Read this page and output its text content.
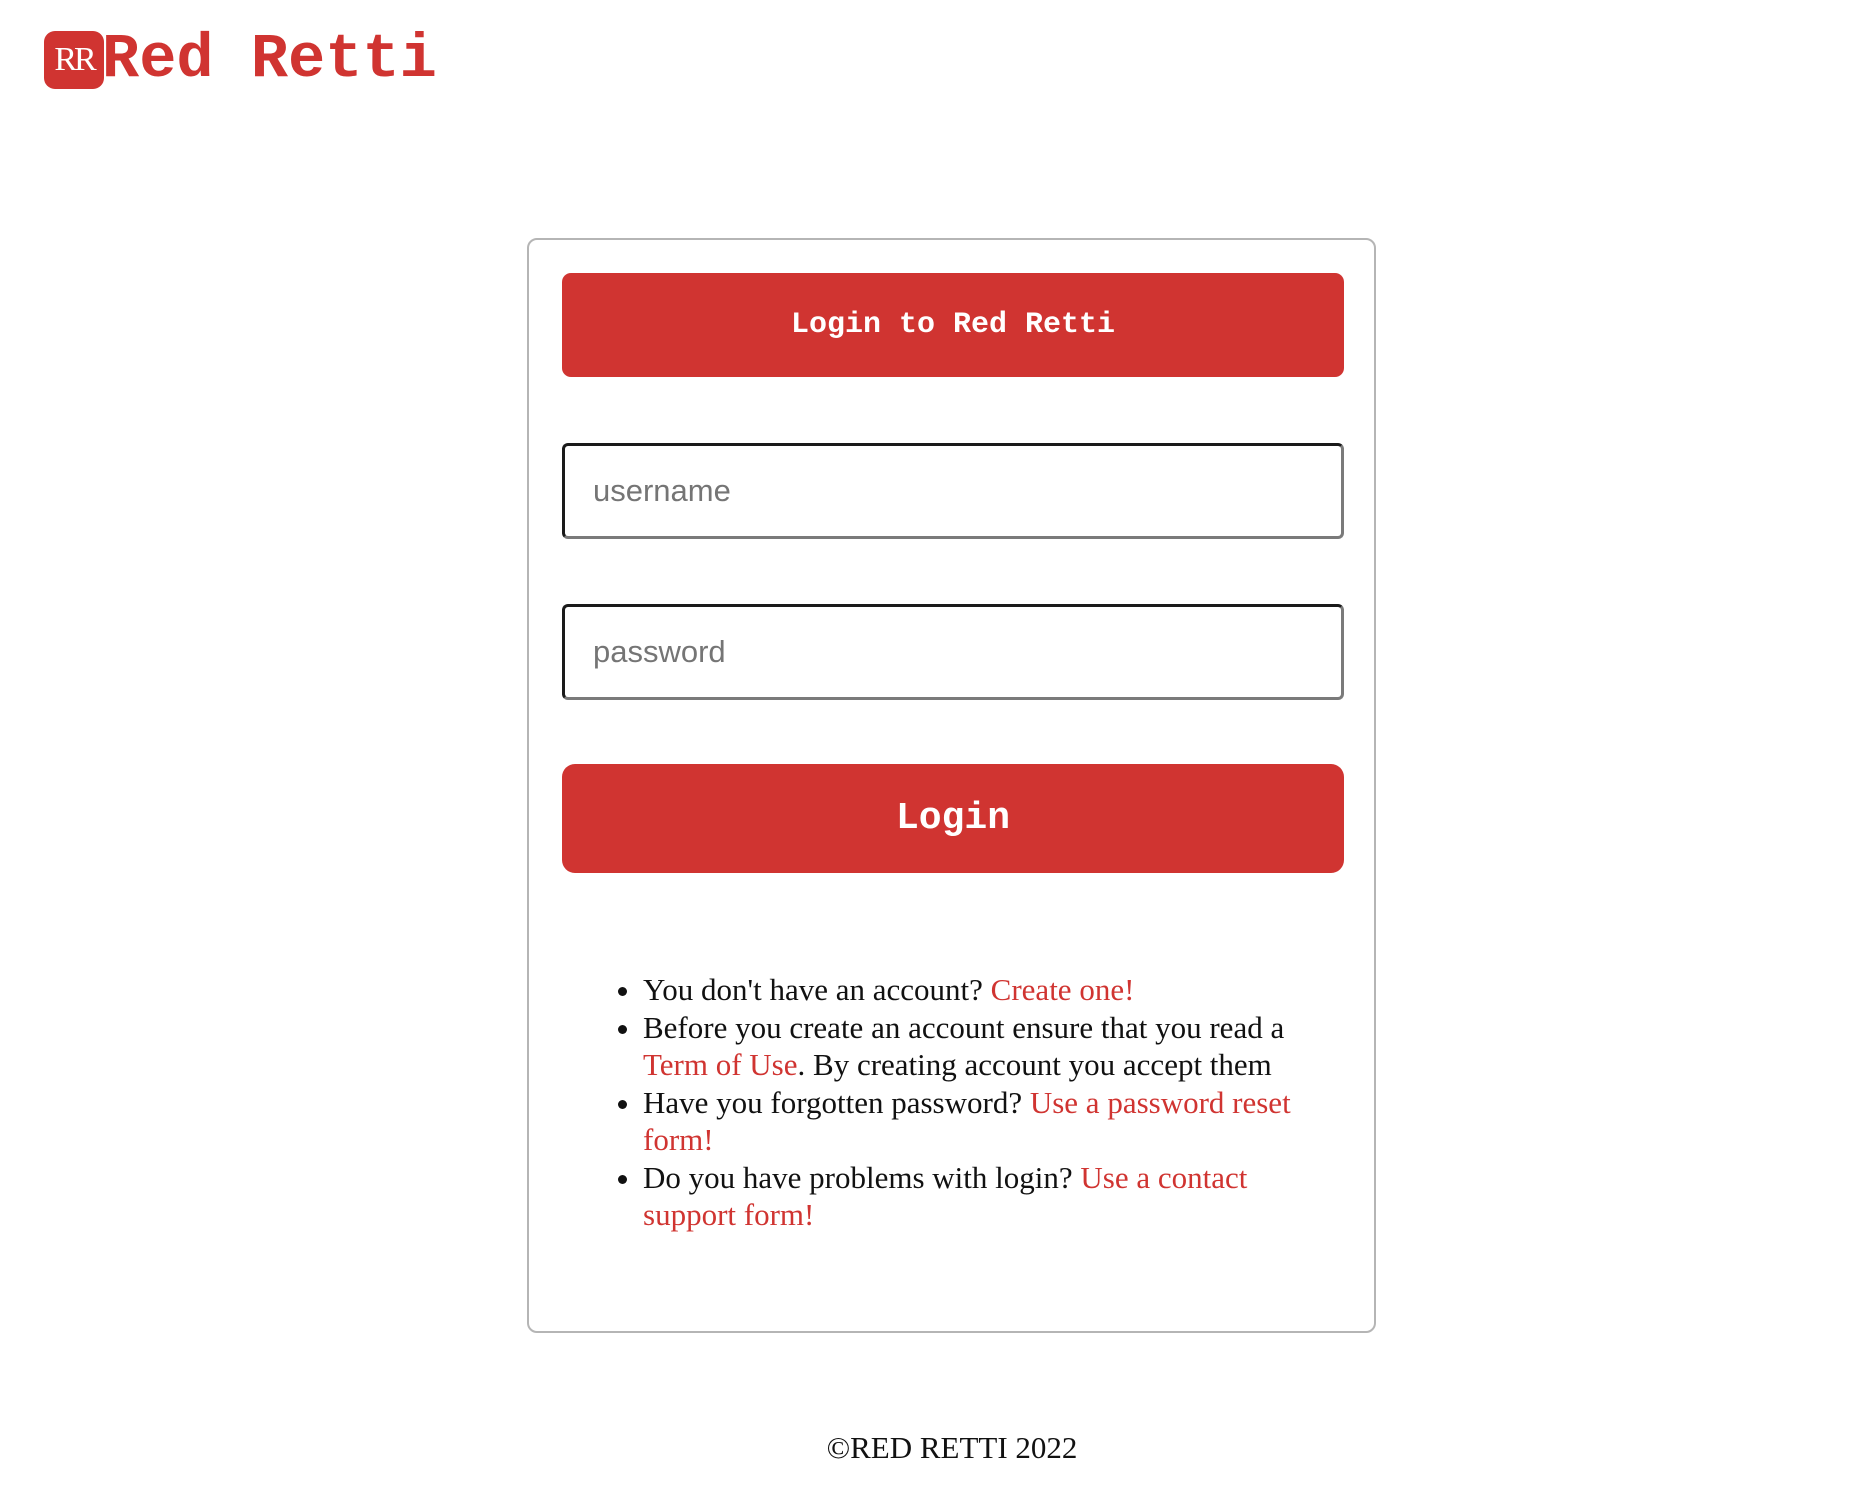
RR Red Retti
Login to Red Retti
username
Login
• You don't have an account? Create one!
• Before you create an account ensure that you read a Term of Use. By creating account you accept them
• Have you forgotten password? Use a password reset form!
• Do you have problems with login? Use a contact support form!
©RED RETTI 2022
